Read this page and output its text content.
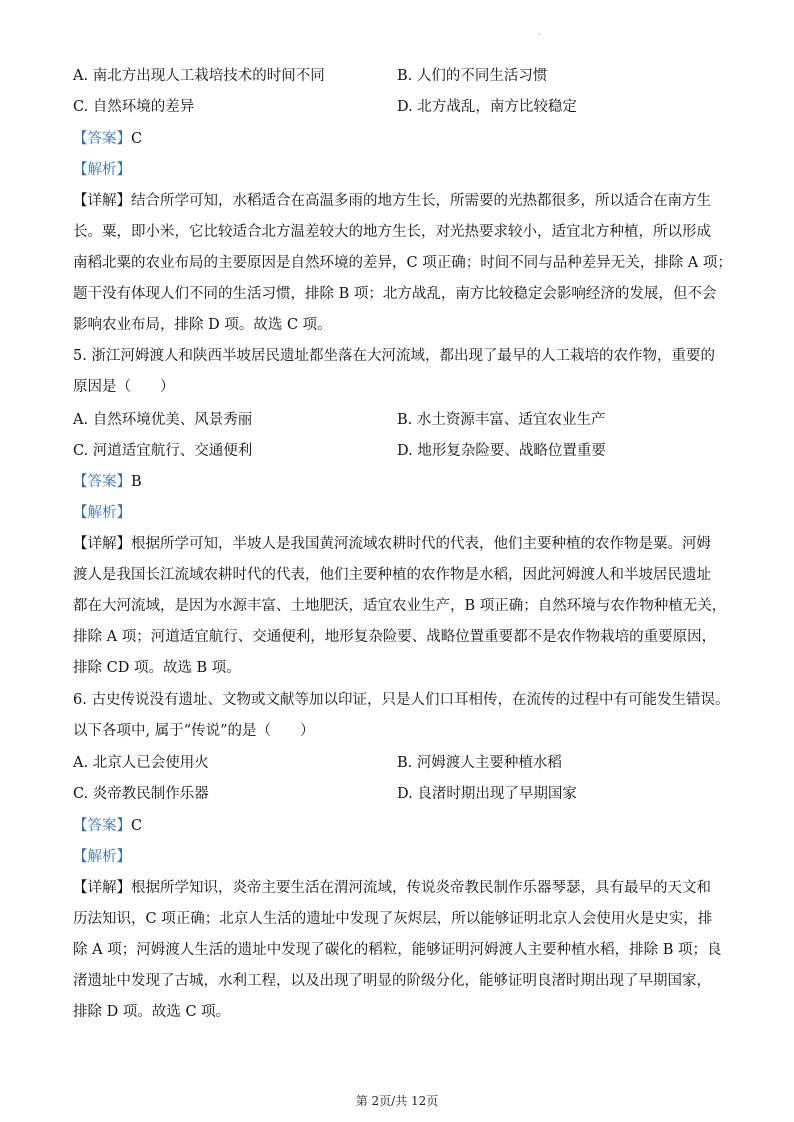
·
A. 南北方出现人工栽培技术的时间不同	B. 人们的不同生活习惯
C. 自然环境的差异	D. 北方战乱，南方比较稳定
【答案】C
【解析】
【详解】结合所学可知，水稻适合在高温多雨的地方生长，所需要的光热都很多，所以适合在南方生
长。粟，即小米，它比较适合北方温差较大的地方生长，对光热要求较小，适宜北方种植，所以形成
南稻北粟的农业布局的主要原因是自然环境的差异，C 项正确；时间不同与品种差异无关，排除 A 项；
题干没有体现人们不同的生活习惯，排除 B 项；北方战乱，南方比较稳定会影响经济的发展，但不会
影响农业布局，排除 D 项。故选 C 项。
5. 浙江河姆渡人和陕西半坡居民遗址都坐落在大河流域，都出现了最早的人工栽培的农作物，重要的
原因是（　　）
A. 自然环境优美、风景秀丽	B. 水土资源丰富、适宜农业生产
C. 河道适宜航行、交通便利	D. 地形复杂险要、战略位置重要
【答案】B
【解析】
【详解】根据所学可知，半坡人是我国黄河流域农耕时代的代表，他们主要种植的农作物是粟。河姆
渡人是我国长江流域农耕时代的代表，他们主要种植的农作物是水稻，因此河姆渡人和半坡居民遗址
都在大河流域，是因为水源丰富、土地肥沃，适宜农业生产，B 项正确；自然环境与农作物种植无关，
排除 A 项；河道适宜航行、交通便利，地形复杂险要、战略位置重要都不是农作物栽培的重要原因，
排除 CD 项。故选 B 项。
6. 古史传说没有遗址、文物或文献等加以印证，只是人们口耳相传，在流传的过程中有可能发生错误。
以下各项中, 属于“传说”的是（　　）
A. 北京人已会使用火	B. 河姆渡人主要种植水稻
C. 炎帝教民制作乐器	D. 良渚时期出现了早期国家
【答案】C
【解析】
【详解】根据所学知识，炎帝主要生活在渭河流域，传说炎帝教民制作乐器琴瑟，具有最早的天文和
历法知识，C 项正确；北京人生活的遗址中发现了灰烬层，所以能够证明北京人会使用火是史实，排
除 A 项；河姆渡人生活的遗址中发现了碳化的稻粒，能够证明河姆渡人主要种植水稻，排除 B 项；良
渚遗址中发现了古城，水利工程，以及出现了明显的阶级分化，能够证明良渚时期出现了早期国家，
排除 D 项。故选 C 项。
第 2页/共 12页
